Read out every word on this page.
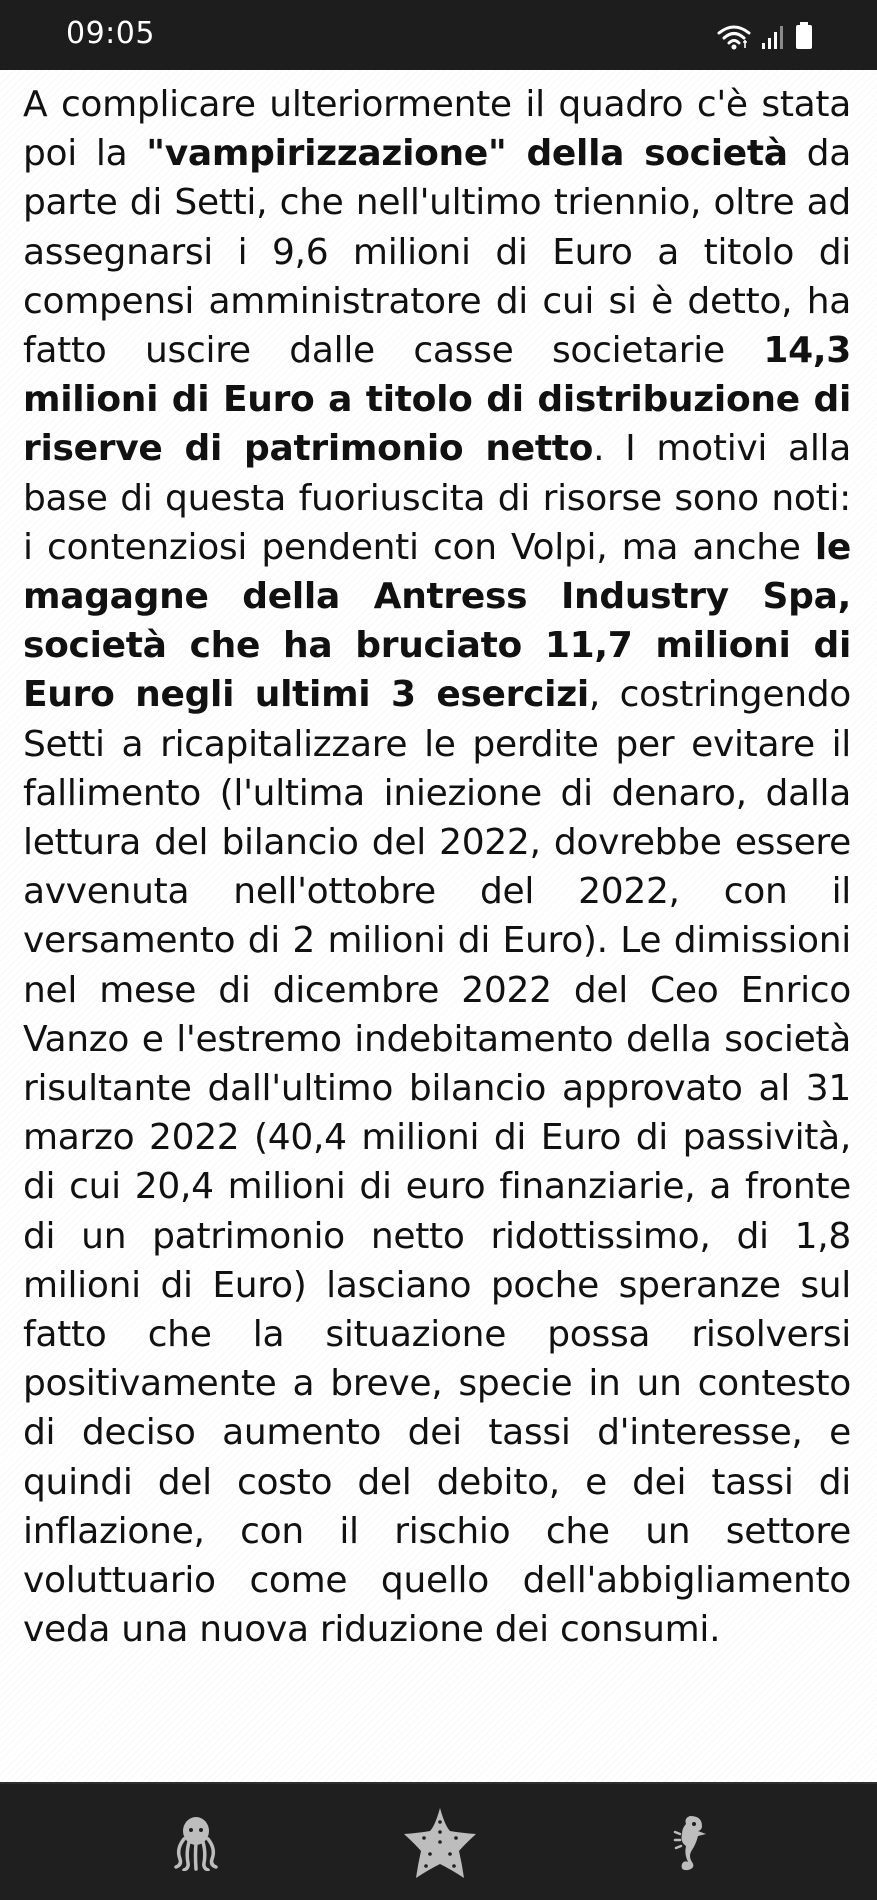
09:05

A complicare ulteriormente il quadro c'è stata poi la "vampirizzazione" della società da parte di Setti, che nell'ultimo triennio, oltre ad assegnarsi i 9,6 milioni di Euro a titolo di compensi amministratore di cui si è detto, ha fatto uscire dalle casse societarie 14,3 milioni di Euro a titolo di distribuzione di riserve di patrimonio netto. I motivi alla base di questa fuoriuscita di risorse sono noti: i contenziosi pendenti con Volpi, ma anche le magagne della Antress Industry Spa, società che ha bruciato 11,7 milioni di Euro negli ultimi 3 esercizi, costringendo Setti a ricapitalizzare le perdite per evitare il fallimento (l'ultima iniezione di denaro, dalla lettura del bilancio del 2022, dovrebbe essere avvenuta nell'ottobre del 2022, con il versamento di 2 milioni di Euro). Le dimissioni nel mese di dicembre 2022 del Ceo Enrico Vanzo e l'estremo indebitamento della società risultante dall'ultimo bilancio approvato al 31 marzo 2022 (40,4 milioni di Euro di passività, di cui 20,4 milioni di euro finanziarie, a fronte di un patrimonio netto ridottissimo, di 1,8 milioni di Euro) lasciano poche speranze sul fatto che la situazione possa risolversi positivamente a breve, specie in un contesto di deciso aumento dei tassi d'interesse, e quindi del costo del debito, e dei tassi di inflazione, con il rischio che un settore voluttuario come quello dell'abbigliamento veda una nuova riduzione dei consumi.
